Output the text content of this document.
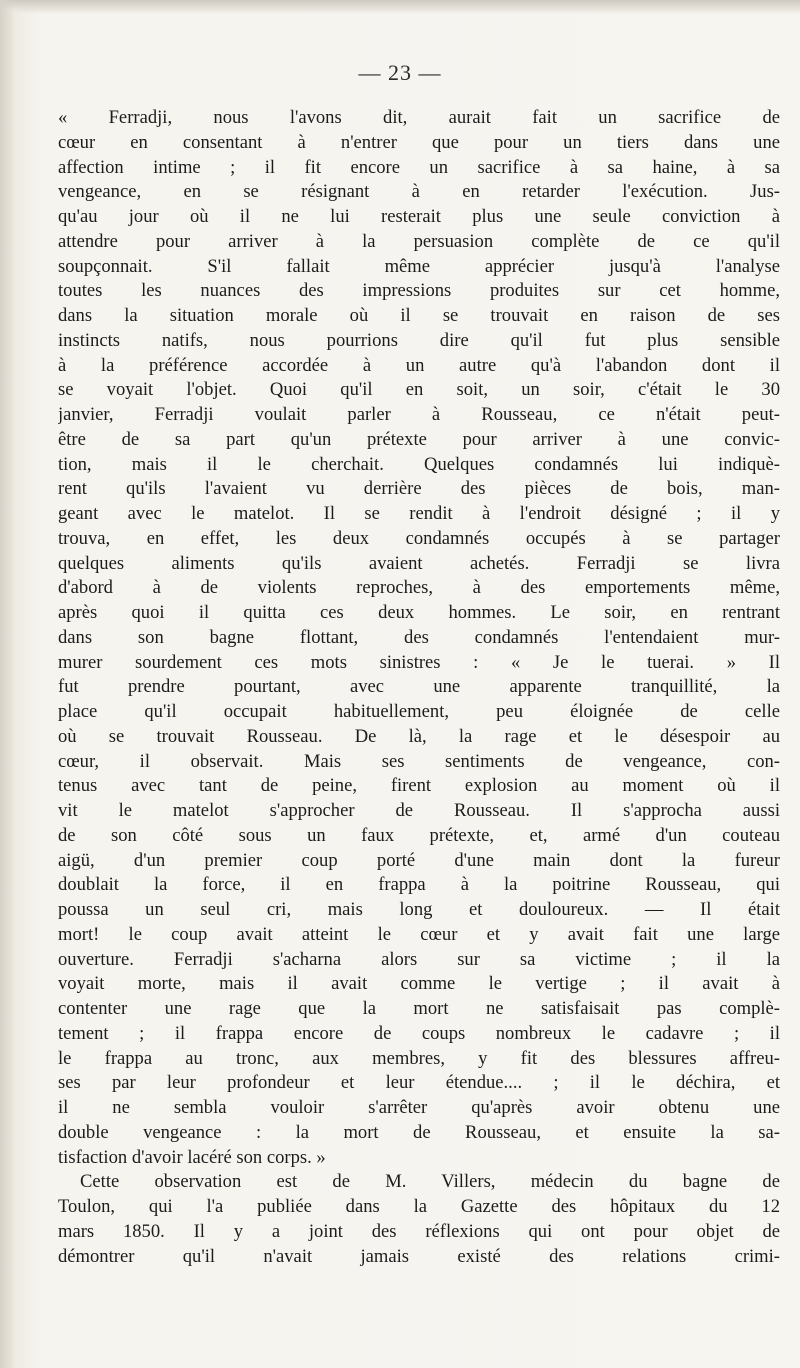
— 23 —
« Ferradji, nous l'avons dit, aurait fait un sacrifice de
cœur en consentant à n'entrer que pour un tiers dans une
affection intime ; il fit encore un sacrifice à sa haine, à sa
vengeance, en se résignant à en retarder l'exécution. Jus-
qu'au jour où il ne lui resterait plus une seule conviction à
attendre pour arriver à la persuasion complète de ce qu'il
soupçonnait. S'il fallait même apprécier jusqu'à l'analyse
toutes les nuances des impressions produites sur cet homme,
dans la situation morale où il se trouvait en raison de ses
instincts natifs, nous pourrions dire qu'il fut plus sensible
à la préférence accordée à un autre qu'à l'abandon dont il
se voyait l'objet. Quoi qu'il en soit, un soir, c'était le 30
janvier, Ferradji voulait parler à Rousseau, ce n'était peut-
être de sa part qu'un prétexte pour arriver à une convic-
tion, mais il le cherchait. Quelques condamnés lui indiquè-
rent qu'ils l'avaient vu derrière des pièces de bois, man-
geant avec le matelot. Il se rendit à l'endroit désigné ; il y
trouva, en effet, les deux condamnés occupés à se partager
quelques aliments qu'ils avaient achetés. Ferradji se livra
d'abord à de violents reproches, à des emportements même,
après quoi il quitta ces deux hommes. Le soir, en rentrant
dans son bagne flottant, des condamnés l'entendaient mur-
murer sourdement ces mots sinistres : « Je le tuerai. » Il
fut prendre pourtant, avec une apparente tranquillité, la
place qu'il occupait habituellement, peu éloignée de celle
où se trouvait Rousseau. De là, la rage et le désespoir au
cœur, il observait. Mais ses sentiments de vengeance, con-
tenus avec tant de peine, firent explosion au moment où il
vit le matelot s'approcher de Rousseau. Il s'approcha aussi
de son côté sous un faux prétexte, et, armé d'un couteau
aigü, d'un premier coup porté d'une main dont la fureur
doublait la force, il en frappa à la poitrine Rousseau, qui
poussa un seul cri, mais long et douloureux. — Il était
mort! le coup avait atteint le cœur et y avait fait une large
ouverture. Ferradji s'acharna alors sur sa victime ; il la
voyait morte, mais il avait comme le vertige ; il avait à
contenter une rage que la mort ne satisfaisait pas complè-
tement ; il frappa encore de coups nombreux le cadavre ; il
le frappa au tronc, aux membres, y fit des blessures affreu-
ses par leur profondeur et leur étendue.... ; il le déchira, et
il ne sembla vouloir s'arrêter qu'après avoir obtenu une
double vengeance : la mort de Rousseau, et ensuite la sa-
tisfaction d'avoir lacéré son corps. »
Cette observation est de M. Villers, médecin du bagne de
Toulon, qui l'a publiée dans la Gazette des hôpitaux du 12
mars 1850. Il y a joint des réflexions qui ont pour objet de
démontrer qu'il n'avait jamais existé des relations crimi-
